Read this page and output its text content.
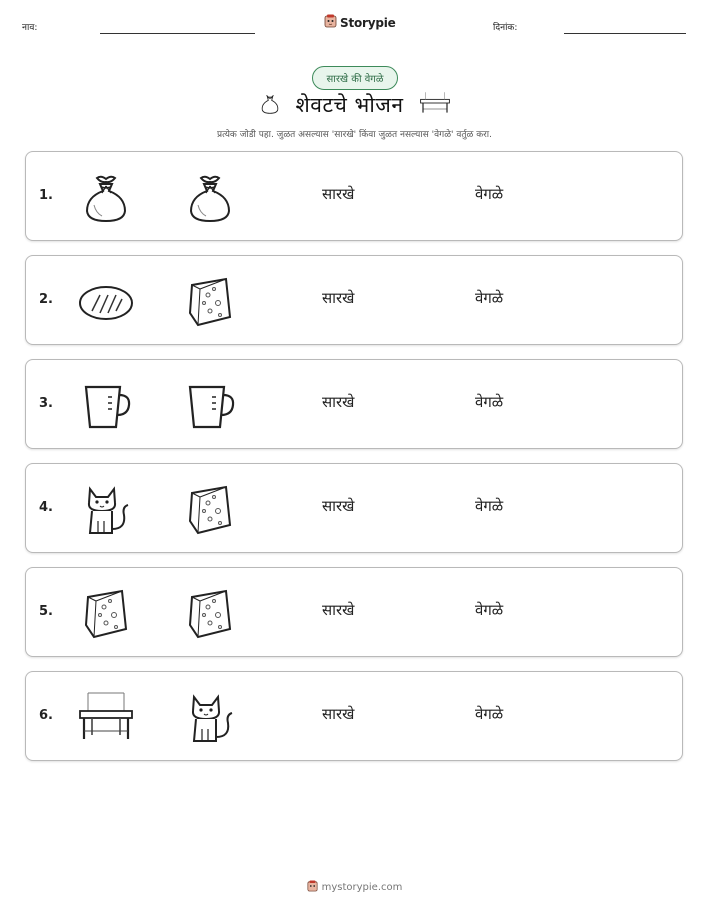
नाव:	Storypie	दिनांक:
सारखे की वेगळे
शेवटचे भोजन
प्रत्येक जोडी पहा. जुळत असल्यास 'सारखे' किंवा जुळत नसल्यास 'वेगळे' वर्तुळ करा.
1.	सारखे	वेगळे
2.	सारखे	वेगळे
3.	सारखे	वेगळे
4.	सारखे	वेगळे
5.	सारखे	वेगळे
6.	सारखे	वेगळे
mystorypie.com
